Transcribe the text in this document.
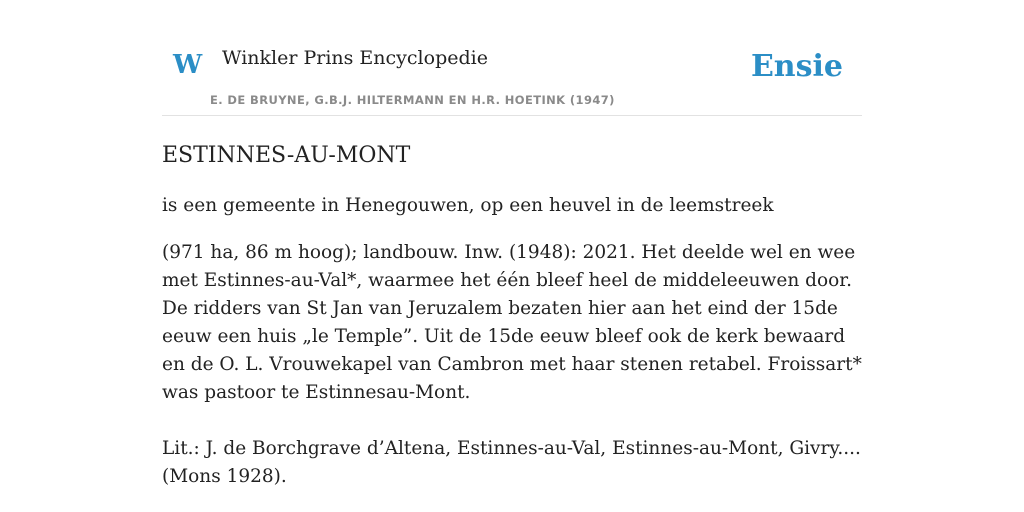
W Winkler Prins Encyclopedie
E. DE BRUYNE, G.B.J. HILTERMANN EN H.R. HOETINK (1947)
Ensie
ESTINNES-AU-MONT

is een gemeente in Henegouwen, op een heuvel in de leemstreek

(971 ha, 86 m hoog); landbouw. Inw. (1948): 2021. Het deelde wel en wee met Estinnes-au-Val*, waarmee het één bleef heel de middeleeuwen door. De ridders van St Jan van Jeruzalem bezaten hier aan het eind der 15de eeuw een huis „le Temple”. Uit de 15de eeuw bleef ook de kerk bewaard en de O. L. Vrouwekapel van Cambron met haar stenen retabel. Froissart* was pastoor te Estinnesau-Mont.

Lit.: J. de Borchgrave d’Altena, Estinnes-au-Val, Estinnes-au-Mont, Givry.... (Mons 1928).
